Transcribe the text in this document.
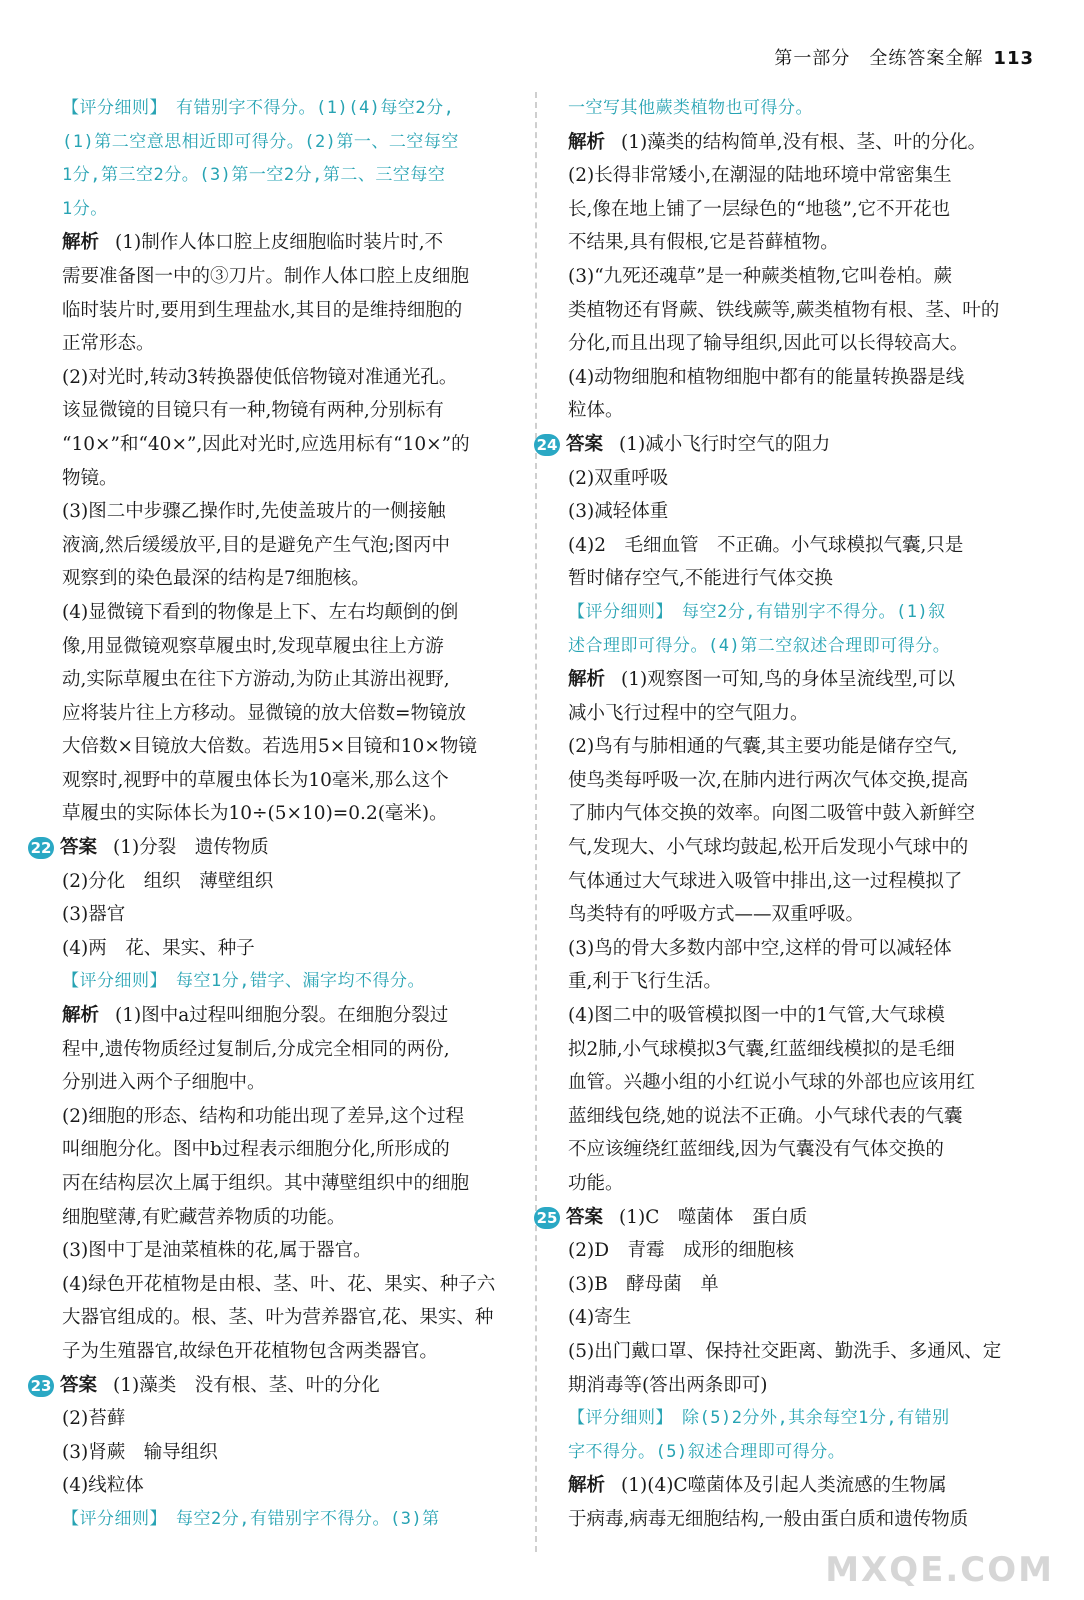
第一部分　全练答案全解 113
【评分细则】　有错别字不得分。(1)(4)每空2分,
(1)第二空意思相近即可得分。(2)第一、二空每空
1分,第三空2分。(3)第一空2分,第二、三空每空
1分。
解析 (1)制作人体口腔上皮细胞临时装片时,不
需要准备图一中的③刀片。制作人体口腔上皮细胞
临时装片时,要用到生理盐水,其目的是维持细胞的
正常形态。
(2)对光时,转动3转换器使低倍物镜对准通光孔。
该显微镜的目镜只有一种,物镜有两种,分别标有
“10×”和“40×”,因此对光时,应选用标有“10×”的
物镜。
(3)图二中步骤乙操作时,先使盖玻片的一侧接触
液滴,然后缓缓放平,目的是避免产生气泡;图丙中
观察到的染色最深的结构是7细胞核。
(4)显微镜下看到的物像是上下、左右均颠倒的倒
像,用显微镜观察草履虫时,发现草履虫往上方游
动,实际草履虫在往下方游动,为防止其游出视野,
应将装片往上方移动。显微镜的放大倍数=物镜放
大倍数×目镜放大倍数。若选用5×目镜和10×物镜
观察时,视野中的草履虫体长为10毫米,那么这个
草履虫的实际体长为10÷(5×10)=0.2(毫米)。
22 答案 (1)分裂　遗传物质
(2)分化　组织　薄壁组织
(3)器官
(4)两　花、果实、种子
【评分细则】　每空1分,错字、漏字均不得分。
解析 (1)图中a过程叫细胞分裂。在细胞分裂过
程中,遗传物质经过复制后,分成完全相同的两份,
分别进入两个子细胞中。
(2)细胞的形态、结构和功能出现了差异,这个过程
叫细胞分化。图中b过程表示细胞分化,所形成的
丙在结构层次上属于组织。其中薄壁组织中的细胞
细胞壁薄,有贮藏营养物质的功能。
(3)图中丁是油菜植株的花,属于器官。
(4)绿色开花植物是由根、茎、叶、花、果实、种子六
大器官组成的。根、茎、叶为营养器官,花、果实、种
子为生殖器官,故绿色开花植物包含两类器官。
23 答案 (1)藻类　没有根、茎、叶的分化
(2)苔藓
(3)肾蕨　输导组织
(4)线粒体
【评分细则】　每空2分,有错别字不得分。(3)第
一空写其他蕨类植物也可得分。
解析 (1)藻类的结构简单,没有根、茎、叶的分化。
(2)长得非常矮小,在潮湿的陆地环境中常密集生
长,像在地上铺了一层绿色的“地毯”,它不开花也
不结果,具有假根,它是苔藓植物。
(3)“九死还魂草”是一种蕨类植物,它叫卷柏。蕨
类植物还有肾蕨、铁线蕨等,蕨类植物有根、茎、叶的
分化,而且出现了输导组织,因此可以长得较高大。
(4)动物细胞和植物细胞中都有的能量转换器是线
粒体。
24 答案 (1)减小飞行时空气的阻力
(2)双重呼吸
(3)减轻体重
(4)2　毛细血管　不正确。小气球模拟气囊,只是
暂时储存空气,不能进行气体交换
【评分细则】　每空2分,有错别字不得分。(1)叙
述合理即可得分。(4)第二空叙述合理即可得分。
解析 (1)观察图一可知,鸟的身体呈流线型,可以
减小飞行过程中的空气阻力。
(2)鸟有与肺相通的气囊,其主要功能是储存空气,
使鸟类每呼吸一次,在肺内进行两次气体交换,提高
了肺内气体交换的效率。向图二吸管中鼓入新鲜空
气,发现大、小气球均鼓起,松开后发现小气球中的
气体通过大气球进入吸管中排出,这一过程模拟了
鸟类特有的呼吸方式——双重呼吸。
(3)鸟的骨大多数内部中空,这样的骨可以减轻体
重,利于飞行生活。
(4)图二中的吸管模拟图一中的1气管,大气球模
拟2肺,小气球模拟3气囊,红蓝细线模拟的是毛细
血管。兴趣小组的小红说小气球的外部也应该用红
蓝细线包绕,她的说法不正确。小气球代表的气囊
不应该缠绕红蓝细线,因为气囊没有气体交换的
功能。
25 答案 (1)C　噬菌体　蛋白质
(2)D　青霉　成形的细胞核
(3)B　酵母菌　单
(4)寄生
(5)出门戴口罩、保持社交距离、勤洗手、多通风、定
期消毒等(答出两条即可)
【评分细则】　除(5)2分外,其余每空1分,有错别
字不得分。(5)叙述合理即可得分。
解析 (1)(4)C噬菌体及引起人类流感的生物属
于病毒,病毒无细胞结构,一般由蛋白质和遗传物质
MXQE.COM
